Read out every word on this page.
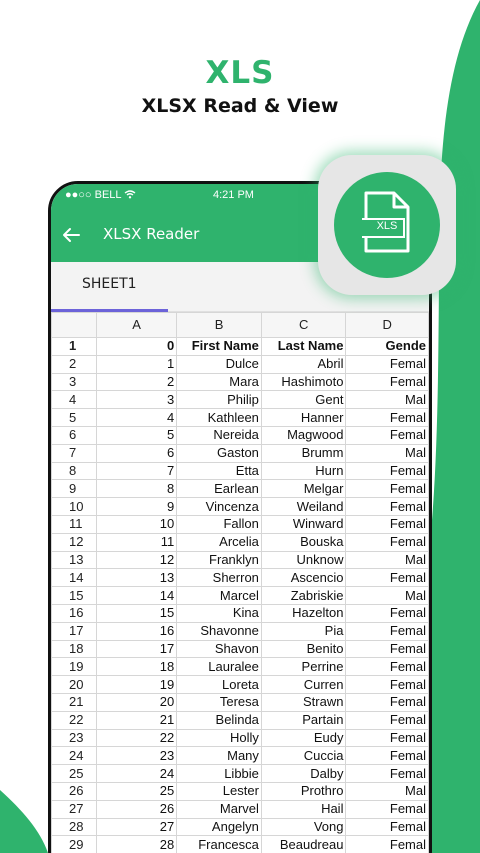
XLS
XLSX Read & View
●●○○ BELL	4:21 PM
XLSX Reader
SHEET1
	A	B	C	D
1	0	First Name	Last Name	Gende
2	1	Dulce	Abril	Femal
3	2	Mara	Hashimoto	Femal
4	3	Philip	Gent	Mal
5	4	Kathleen	Hanner	Femal
6	5	Nereida	Magwood	Femal
7	6	Gaston	Brumm	Mal
8	7	Etta	Hurn	Femal
9	8	Earlean	Melgar	Femal
10	9	Vincenza	Weiland	Femal
11	10	Fallon	Winward	Femal
12	11	Arcelia	Bouska	Femal
13	12	Franklyn	Unknow	Mal
14	13	Sherron	Ascencio	Femal
15	14	Marcel	Zabriskie	Mal
16	15	Kina	Hazelton	Femal
17	16	Shavonne	Pia	Femal
18	17	Shavon	Benito	Femal
19	18	Lauralee	Perrine	Femal
20	19	Loreta	Curren	Femal
21	20	Teresa	Strawn	Femal
22	21	Belinda	Partain	Femal
23	22	Holly	Eudy	Femal
24	23	Many	Cuccia	Femal
25	24	Libbie	Dalby	Femal
26	25	Lester	Prothro	Mal
27	26	Marvel	Hail	Femal
28	27	Angelyn	Vong	Femal
29	28	Francesca	Beaudreau	Femal
XLS
